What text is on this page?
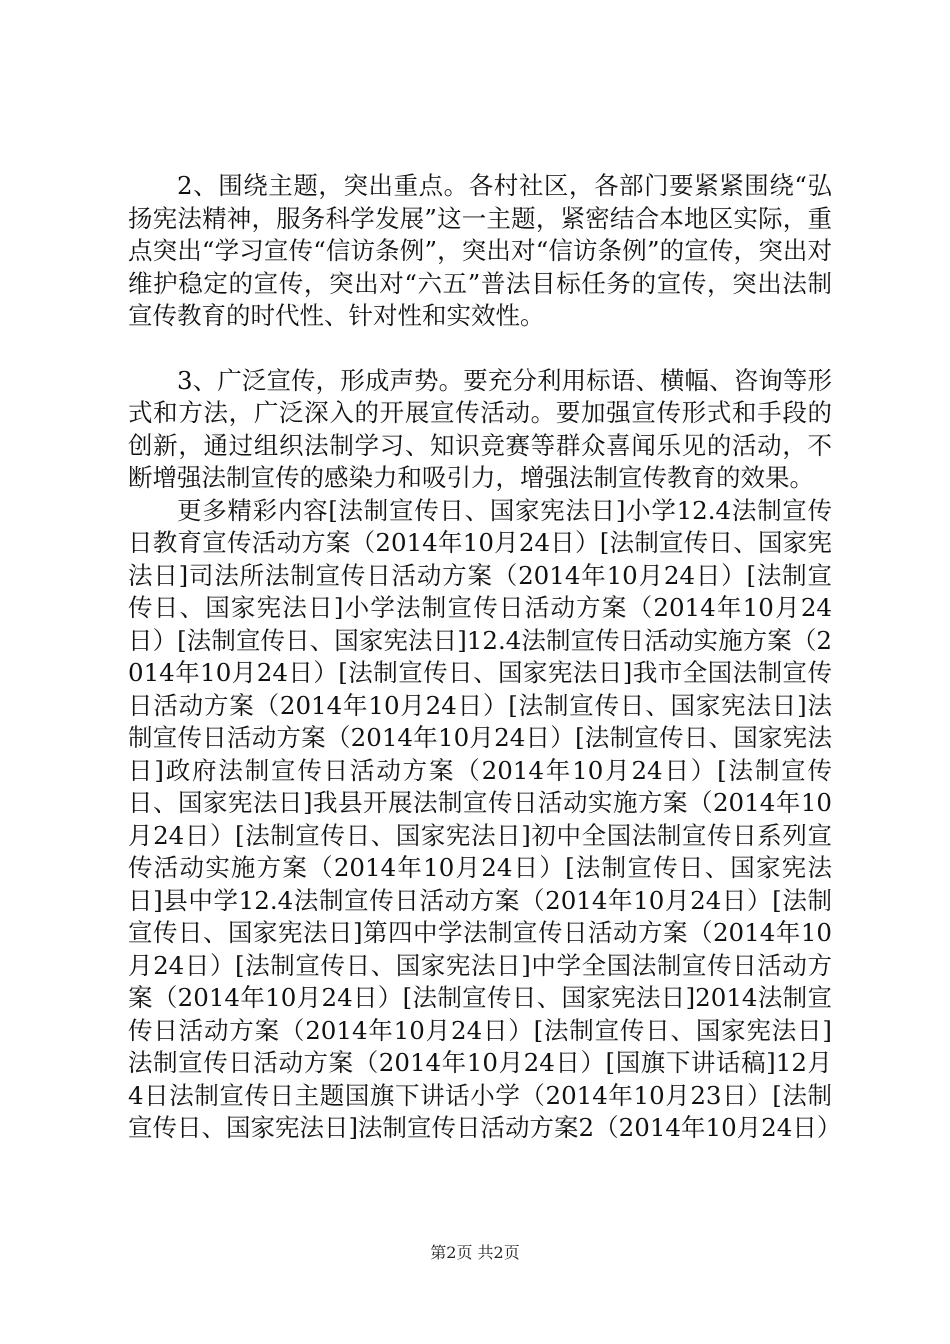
2、围绕主题，突出重点。各村社区，各部门要紧紧围绕“弘扬宪法精神，服务科学发展”这一主题，紧密结合本地区实际，重点突出“学习宣传“信访条例”，突出对“信访条例”的宣传，突出对维护稳定的宣传，突出对“六五”普法目标任务的宣传，突出法制宣传教育的时代性、针对性和实效性。

3、广泛宣传，形成声势。要充分利用标语、横幅、咨询等形式和方法，广泛深入的开展宣传活动。要加强宣传形式和手段的创新，通过组织法制学习、知识竞赛等群众喜闻乐见的活动，不断增强法制宣传的感染力和吸引力，增强法制宣传教育的效果。

更多精彩内容[法制宣传日、国家宪法日]小学12.4法制宣传日教育宣传活动方案（2014年10月24日）[法制宣传日、国家宪法日]司法所法制宣传日活动方案（2014年10月24日）[法制宣传日、国家宪法日]小学法制宣传日活动方案（2014年10月24日）[法制宣传日、国家宪法日]12.4法制宣传日活动实施方案（2014年10月24日）[法制宣传日、国家宪法日]我市全国法制宣传日活动方案（2014年10月24日）[法制宣传日、国家宪法日]法制宣传日活动方案（2014年10月24日）[法制宣传日、国家宪法日]政府法制宣传日活动方案（2014年10月24日）[法制宣传日、国家宪法日]我县开展法制宣传日活动实施方案（2014年10月24日）[法制宣传日、国家宪法日]初中全国法制宣传日系列宣传活动实施方案（2014年10月24日）[法制宣传日、国家宪法日]县中学12.4法制宣传日活动方案（2014年10月24日）[法制宣传日、国家宪法日]第四中学法制宣传日活动方案（2014年10月24日）[法制宣传日、国家宪法日]中学全国法制宣传日活动方案（2014年10月24日）[法制宣传日、国家宪法日]2014法制宣传日活动方案（2014年10月24日）[法制宣传日、国家宪法日]法制宣传日活动方案（2014年10月24日）[国旗下讲话稿]12月4日法制宣传日主题国旗下讲话小学（2014年10月23日）[法制宣传日、国家宪法日]法制宣传日活动方案2（2014年10月24日）

第2页 共2页
